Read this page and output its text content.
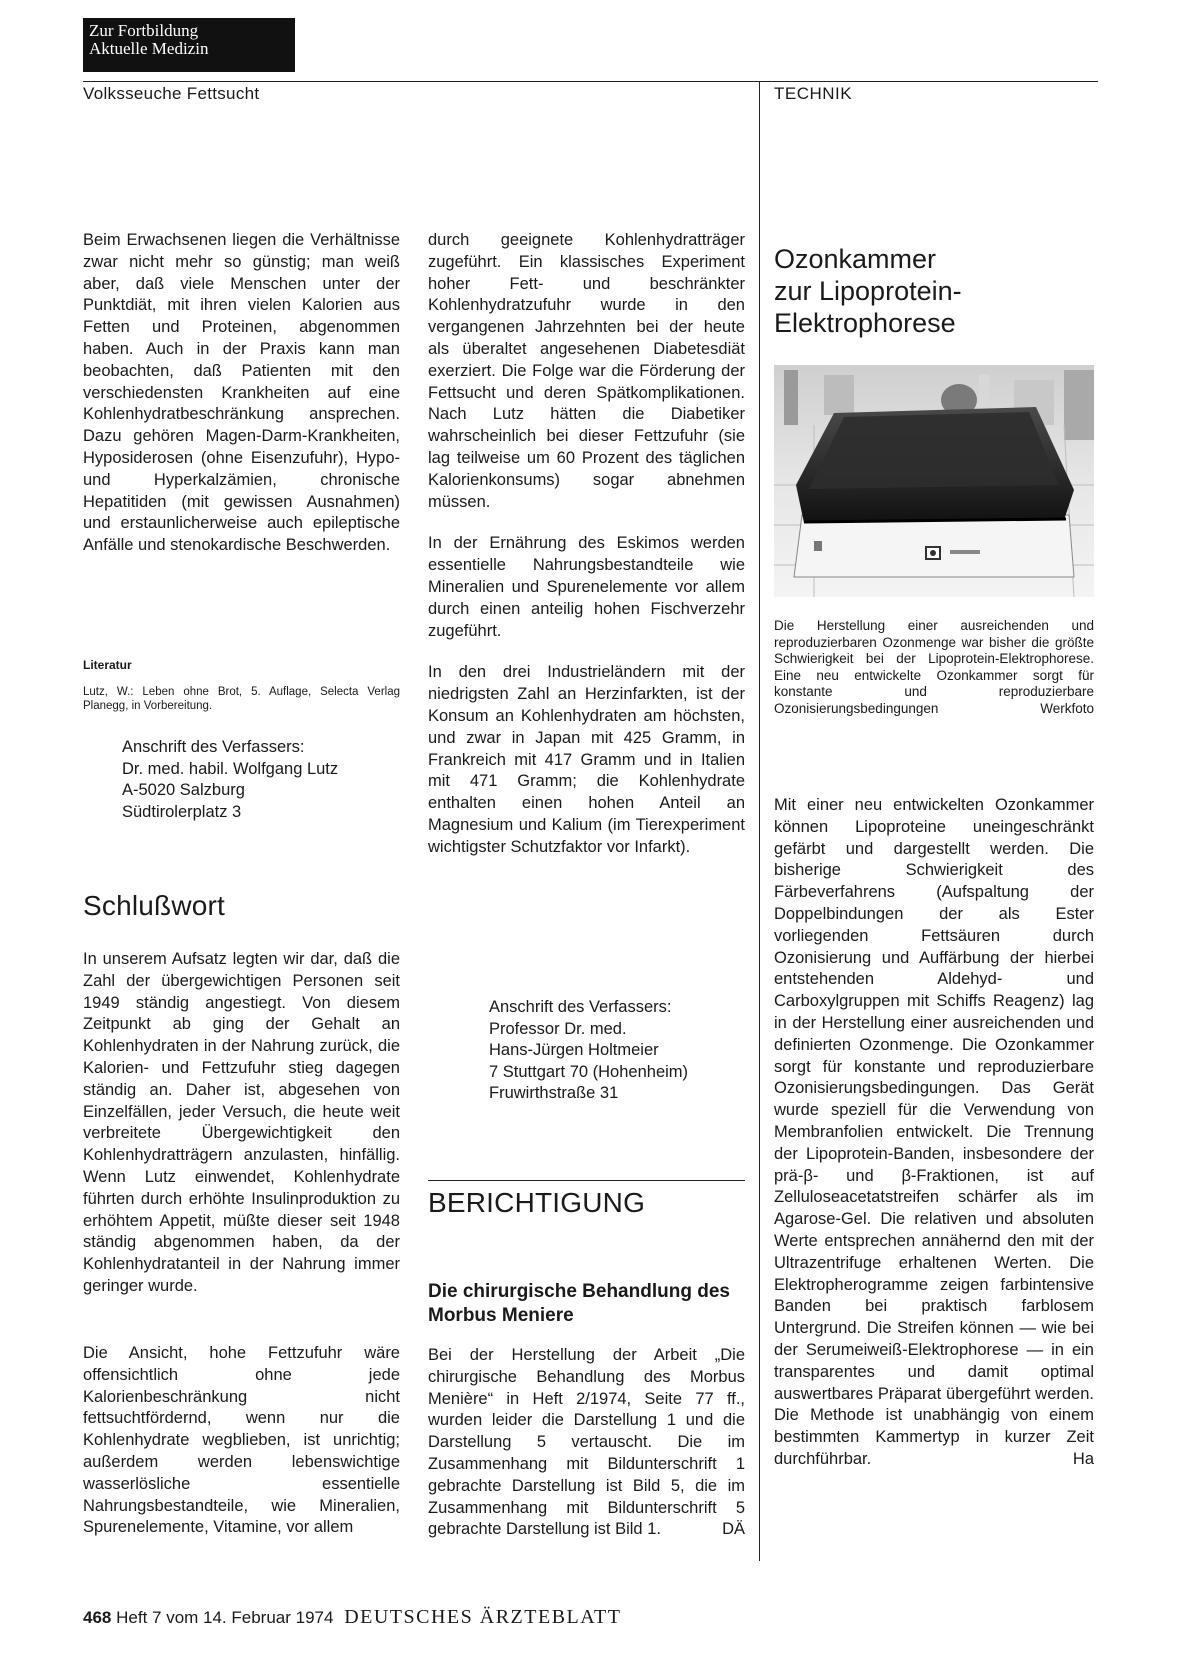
Zur Fortbildung
Aktuelle Medizin
Volksseuche Fettsucht	TECHNIK

Beim Erwachsenen liegen die Verhältnisse zwar nicht mehr so günstig; man weiß aber, daß viele Menschen unter der Punktdiät, mit ihren vielen Kalorien aus Fetten und Proteinen, abgenommen haben. Auch in der Praxis kann man beobachten, daß Patienten mit den verschiedensten Krankheiten auf eine Kohlenhydratbeschränkung ansprechen. Dazu gehören Magen-Darm-Krankheiten, Hyposiderosen (ohne Eisenzufuhr), Hypo- und Hyperkalzämien, chronische Hepatitiden (mit gewissen Ausnahmen) und erstaunlicherweise auch epileptische Anfälle und stenokardische Beschwerden.

Literatur
Lutz, W.: Leben ohne Brot, 5. Auflage, Selecta Verlag Planegg, in Vorbereitung.
Anschrift des Verfassers:
Dr. med. habil. Wolfgang Lutz
A-5020 Salzburg
Südtirolerplatz 3
Schlußwort

In unserem Aufsatz legten wir dar, daß die Zahl der übergewichtigen Personen seit 1949 ständig angestiegt. Von diesem Zeitpunkt ab ging der Gehalt an Kohlenhydraten in der Nahrung zurück, die Kalorien- und Fettzufuhr stieg dagegen ständig an. Daher ist, abgesehen von Einzelfällen, jeder Versuch, die heute weit verbreitete Übergewichtigkeit den Kohlenhydratträgern anzulasten, hinfällig. Wenn Lutz einwendet, Kohlenhydrate führten durch erhöhte Insulinproduktion zu erhöhtem Appetit, müßte dieser seit 1948 ständig abgenommen haben, da der Kohlenhydratanteil in der Nahrung immer geringer wurde.

Die Ansicht, hohe Fettzufuhr wäre offensichtlich ohne jede Kalorienbeschränkung nicht fettsuchtfördernd, wenn nur die Kohlenhydrate wegblieben, ist unrichtig; außerdem werden lebenswichtige wasserlösliche essentielle Nahrungsbestandteile, wie Mineralien, Spurenelemente, Vitamine, vor allem

durch geeignete Kohlenhydratträger zugeführt. Ein klassisches Experiment hoher Fett- und beschränkter Kohlenhydratzufuhr wurde in den vergangenen Jahrzehnten bei der heute als überaltet angesehenen Diabetesdiät exerziert. Die Folge war die Förderung der Fettsucht und deren Spätkomplikationen. Nach Lutz hätten die Diabetiker wahrscheinlich bei dieser Fettzufuhr (sie lag teilweise um 60 Prozent des täglichen Kalorienkonsums) sogar abnehmen müssen.

In der Ernährung des Eskimos werden essentielle Nahrungsbestandteile wie Mineralien und Spurenelemente vor allem durch einen anteilig hohen Fischverzehr zugeführt.

In den drei Industrieländern mit der niedrigsten Zahl an Herzinfarkten, ist der Konsum an Kohlenhydraten am höchsten, und zwar in Japan mit 425 Gramm, in Frankreich mit 417 Gramm und in Italien mit 471 Gramm; die Kohlenhydrate enthalten einen hohen Anteil an Magnesium und Kalium (im Tierexperiment wichtigster Schutzfaktor vor Infarkt).

Anschrift des Verfassers:
Professor Dr. med.
Hans-Jürgen Holtmeier
7 Stuttgart 70 (Hohenheim)
Fruwirthstraße 31
BERICHTIGUNG
Die chirurgische Behandlung des Morbus Meniere

Bei der Herstellung der Arbeit „Die chirurgische Behandlung des Morbus Menière“ in Heft 2/1974, Seite 77 ff., wurden leider die Darstellung 1 und die Darstellung 5 vertauscht. Die im Zusammenhang mit Bildunterschrift 1 gebrachte Darstellung ist Bild 5, die im Zusammenhang mit Bildunterschrift 5 gebrachte Darstellung ist Bild 1.	DÄ

Ozonkammer
zur Lipoprotein-
Elektrophorese
Die Herstellung einer ausreichenden und reproduzierbaren Ozonmenge war bisher die größte Schwierigkeit bei der Lipoprotein-Elektrophorese. Eine neu entwickelte Ozonkammer sorgt für konstante und reproduzierbare Ozonisierungsbedingungen	Werkfoto

Mit einer neu entwickelten Ozonkammer können Lipoproteine uneingeschränkt gefärbt und dargestellt werden. Die bisherige Schwierigkeit des Färbeverfahrens (Aufspaltung der Doppelbindungen der als Ester vorliegenden Fettsäuren durch Ozonisierung und Auffärbung der hierbei entstehenden Aldehyd- und Carboxylgruppen mit Schiffs Reagenz) lag in der Herstellung einer ausreichenden und definierten Ozonmenge. Die Ozonkammer sorgt für konstante und reproduzierbare Ozonisierungsbedingungen. Das Gerät wurde speziell für die Verwendung von Membranfolien entwickelt. Die Trennung der Lipoprotein-Banden, insbesondere der prä-β- und β-Fraktionen, ist auf Zelluloseacetatstreifen schärfer als im Agarose-Gel. Die relativen und absoluten Werte entsprechen annähernd den mit der Ultrazentrifuge erhaltenen Werten. Die Elektropherogramme zeigen farbintensive Banden bei praktisch farblosem Untergrund. Die Streifen können — wie bei der Serumeiweiß-Elektrophorese — in ein transparentes und damit optimal auswertbares Präparat übergeführt werden. Die Methode ist unabhängig von einem bestimmten Kammertyp in kurzer Zeit durchführbar.	Ha

468 Heft 7 vom 14. Februar 1974 DEUTSCHES ÄRZTEBLATT
